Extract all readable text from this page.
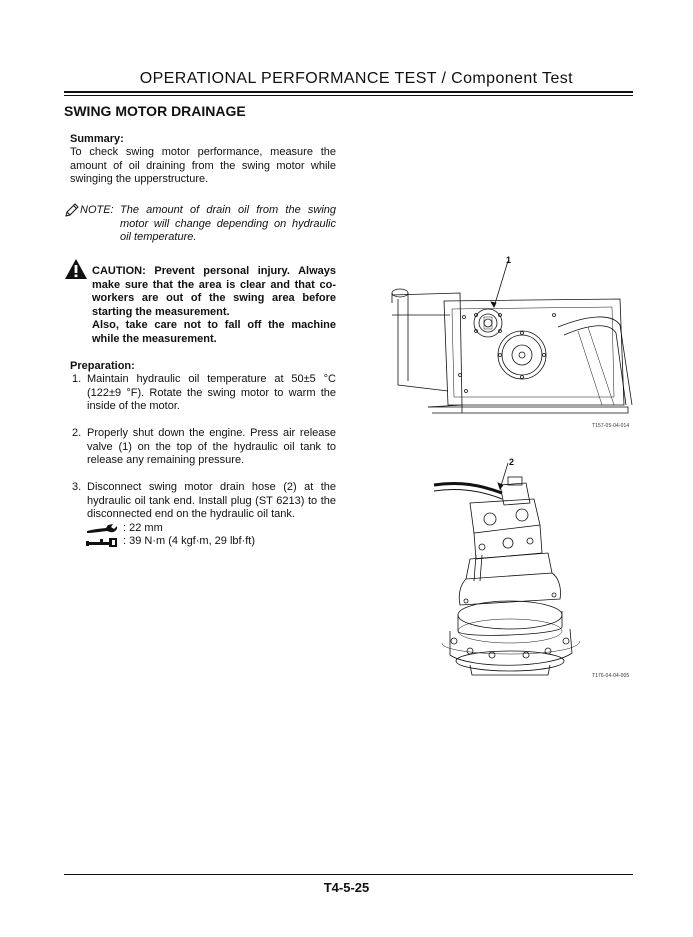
OPERATIONAL PERFORMANCE TEST / Component Test
SWING MOTOR DRAINAGE
Summary:
To check swing motor performance, measure the amount of oil draining from the swing motor while swinging the upperstructure.
NOTE: The amount of drain oil from the swing motor will change depending on hydraulic oil temperature.
CAUTION: Prevent personal injury. Always make sure that the area is clear and that co-workers are out of the swing area before starting the measurement.
Also, take care not to fall off the machine while the measurement.
Preparation:
1. Maintain hydraulic oil temperature at 50±5 °C (122±9 °F). Rotate the swing motor to warm the inside of the motor.
2. Properly shut down the engine. Press air release valve (1) on the top of the hydraulic oil tank to release any remaining pressure.
3. Disconnect swing motor drain hose (2) at the hydraulic oil tank end. Install plug (ST 6213) to the disconnected end on the hydraulic oil tank.
: 22 mm
: 39 N·m (4 kgf·m, 29 lbf·ft)
1
T157-05-04-014
2
T176-04-04-005
T4-5-25
